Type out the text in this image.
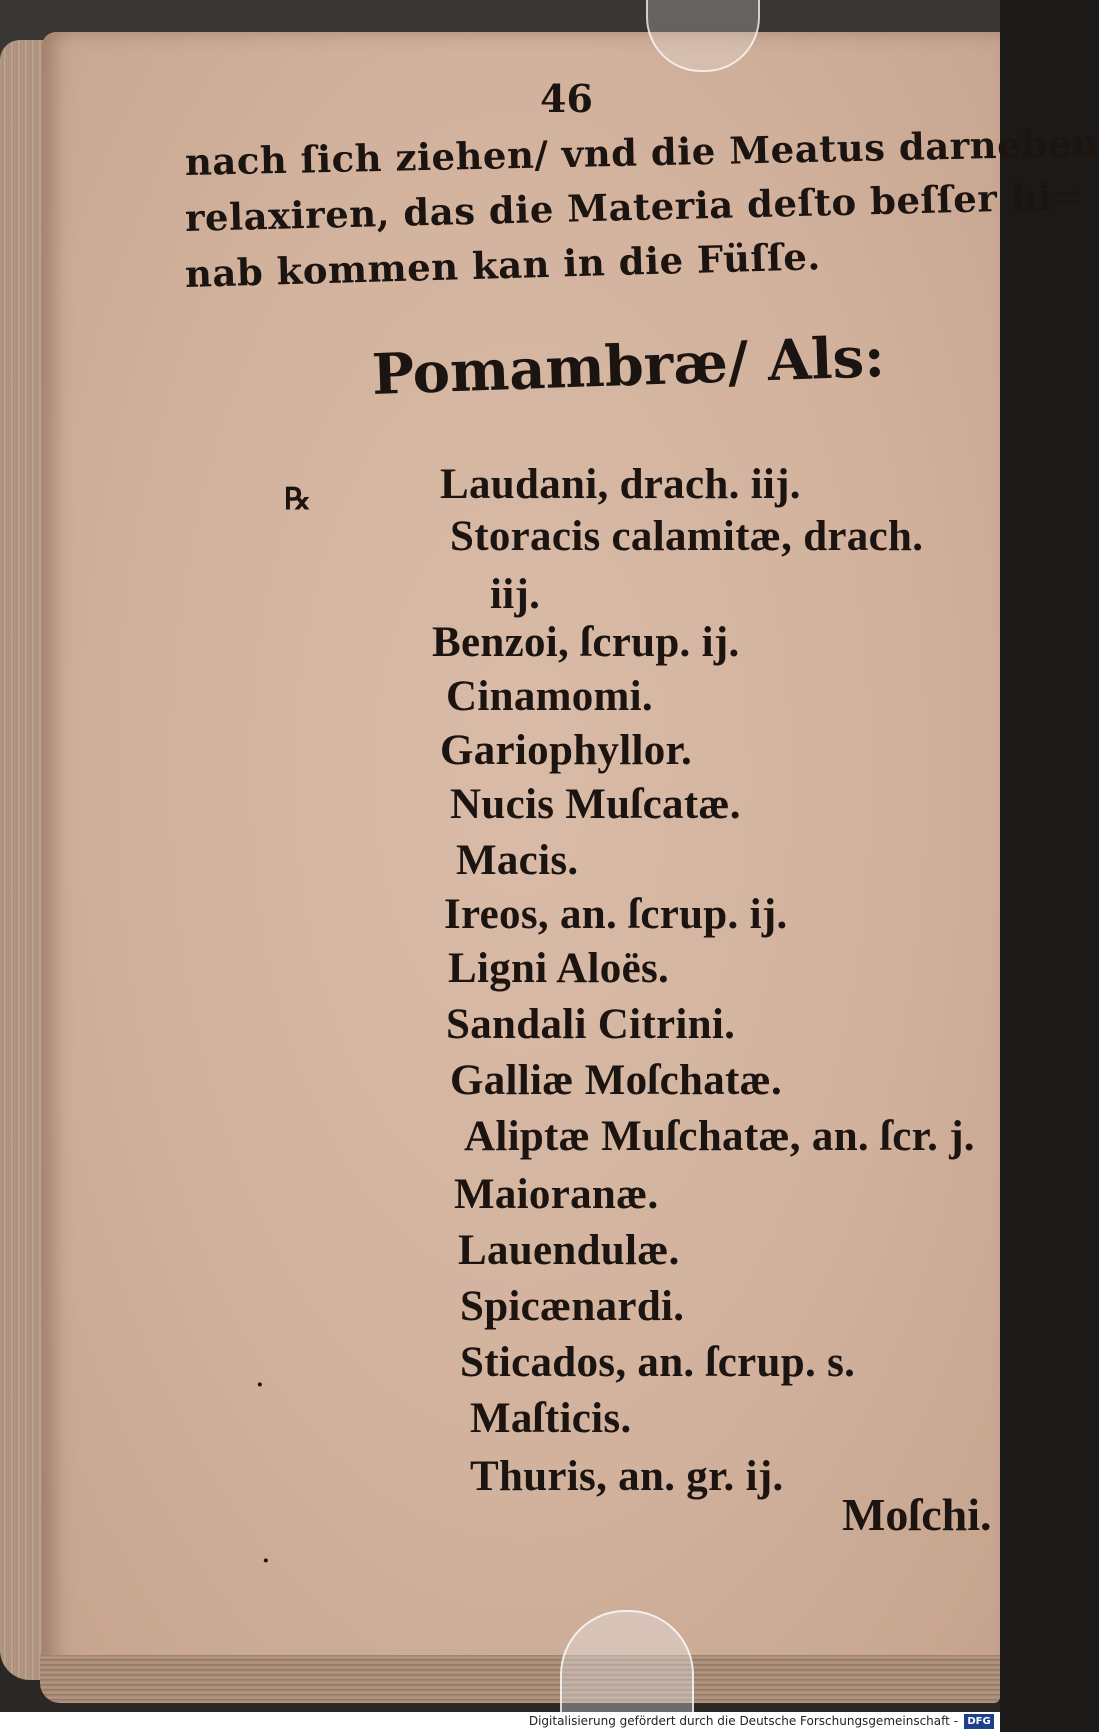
46
nach ſich ziehen/ vnd die Meatus darneben
relaxiren, das die Materia deſto beſſer hi=
nab kommen kan in die Füſſe.
Pomambræ/ Als:
℞	Laudani, drach. iij.
Storacis calamitæ, drach.
iij.
Benzoi, ſcrup. ij.
Cinamomi.
Gariophyllor.
Nucis Muſcatæ.
Macis.
Ireos, an. ſcrup. ij.
Ligni Aloës.
Sandali Citrini.
Galliæ Moſchatæ.
Aliptæ Muſchatæ, an. ſcr. j.
Maioranæ.
Lauendulæ.
Spicænardi.
Sticados, an. ſcrup. s.
Maſticis.
Thuris, an. gr. ij.
Moſchi.
·
·
Digitalisierung gefördert durch die Deutsche Forschungsgemeinschaft - DFG
